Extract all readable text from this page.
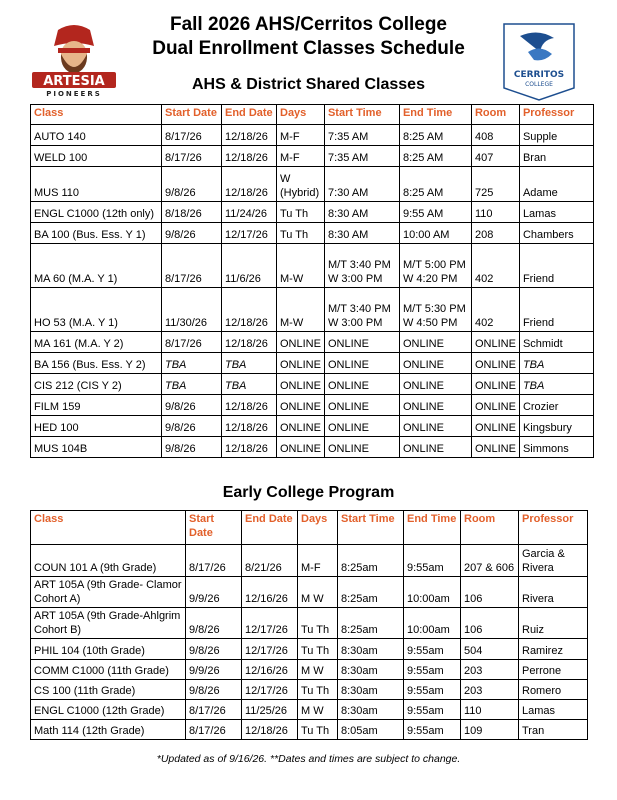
ARTESIA
PIONEERS
CERRITOS
COLLEGE
Fall 2026 AHS/Cerritos College
Dual Enrollment Classes Schedule
AHS & District Shared Classes
Class	Start Date	End Date	Days	Start Time	End Time	Room	Professor
AUTO 140	8/17/26	12/18/26	M-F	7:35 AM	8:25 AM	408	Supple
WELD 100	8/17/26	12/18/26	M-F	7:35 AM	8:25 AM	407	Bran
MUS 110	9/8/26	12/18/26	W (Hybrid)	7:30 AM	8:25 AM	725	Adame
ENGL C1000 (12th only)	8/18/26	11/24/26	Tu Th	8:30 AM	9:55 AM	110	Lamas
BA 100 (Bus. Ess. Y 1)	9/8/26	12/17/26	Tu Th	8:30 AM	10:00 AM	208	Chambers
MA 60 (M.A. Y 1)	8/17/26	11/6/26	M-W	M/T 3:40 PM W 3:00 PM	M/T 5:00 PM W 4:20 PM	402	Friend
HO 53 (M.A. Y 1)	11/30/26	12/18/26	M-W	M/T 3:40 PM W 3:00 PM	M/T 5:30 PM W 4:50 PM	402	Friend
MA 161 (M.A. Y 2)	8/17/26	12/18/26	ONLINE	ONLINE	ONLINE	ONLINE	Schmidt
BA 156 (Bus. Ess. Y 2)	TBA	TBA	ONLINE	ONLINE	ONLINE	ONLINE	TBA
CIS 212 (CIS Y 2)	TBA	TBA	ONLINE	ONLINE	ONLINE	ONLINE	TBA
FILM 159	9/8/26	12/18/26	ONLINE	ONLINE	ONLINE	ONLINE	Crozier
HED 100	9/8/26	12/18/26	ONLINE	ONLINE	ONLINE	ONLINE	Kingsbury
MUS 104B	9/8/26	12/18/26	ONLINE	ONLINE	ONLINE	ONLINE	Simmons
Early College Program
Class	Start Date	End Date	Days	Start Time	End Time	Room	Professor
COUN 101 A (9th Grade)	8/17/26	8/21/26	M-F	8:25am	9:55am	207 & 606	Garcia & Rivera
ART 105A (9th Grade- Clamor Cohort A)	9/9/26	12/16/26	M W	8:25am	10:00am	106	Rivera
ART 105A (9th Grade-Ahlgrim Cohort B)	9/8/26	12/17/26	Tu Th	8:25am	10:00am	106	Ruiz
PHIL 104 (10th Grade)	9/8/26	12/17/26	Tu Th	8:30am	9:55am	504	Ramirez
COMM C1000 (11th Grade)	9/9/26	12/16/26	M W	8:30am	9:55am	203	Perrone
CS 100 (11th Grade)	9/8/26	12/17/26	Tu Th	8:30am	9:55am	203	Romero
ENGL C1000 (12th Grade)	8/17/26	11/25/26	M W	8:30am	9:55am	110	Lamas
Math 114 (12th Grade)	8/17/26	12/18/26	Tu Th	8:05am	9:55am	109	Tran
*Updated as of 9/16/26. **Dates and times are subject to change.
